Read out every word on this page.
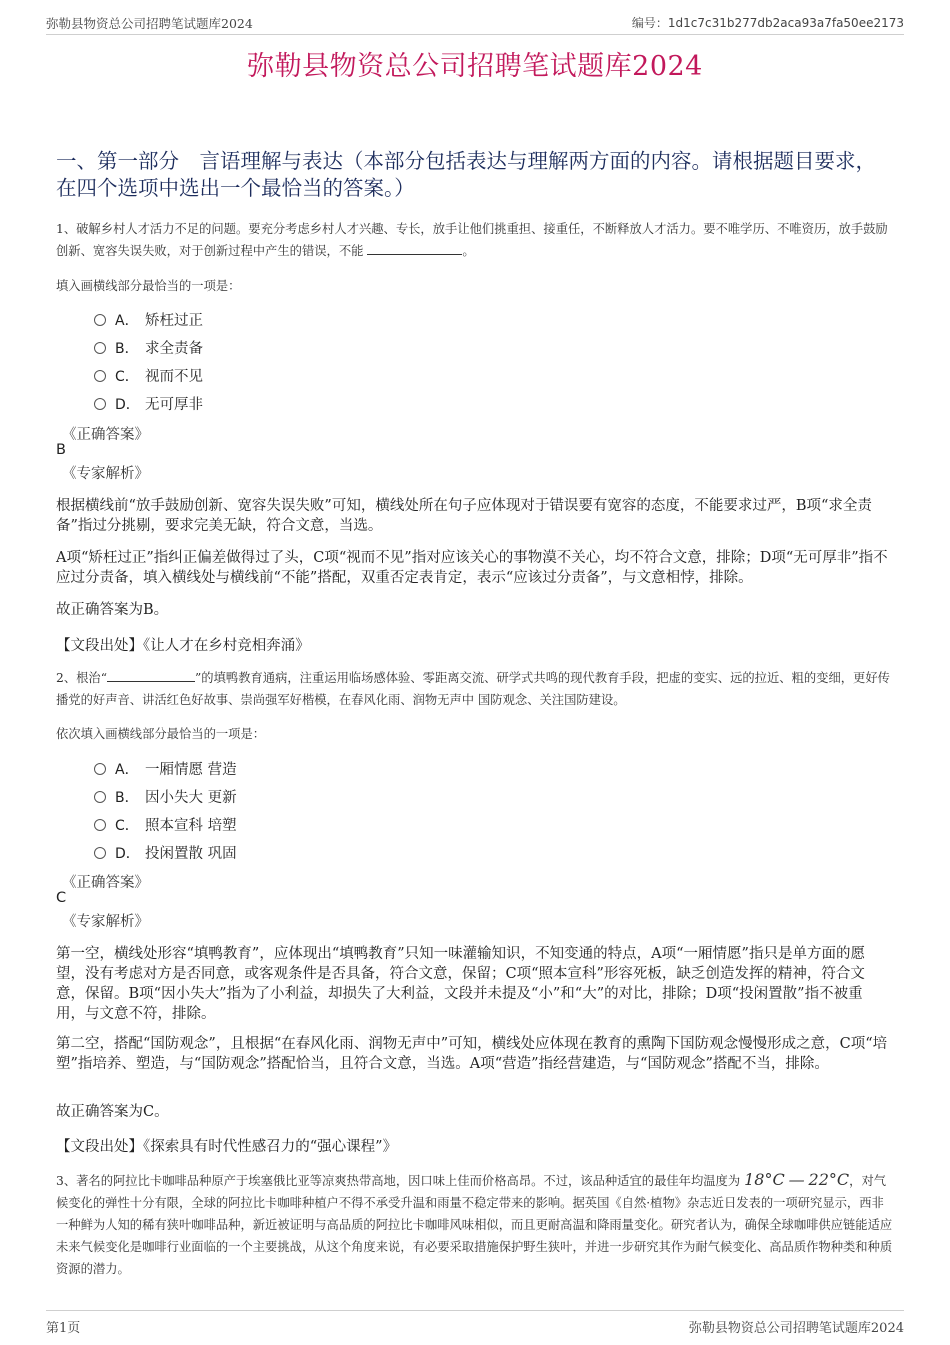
弥勒县物资总公司招聘笔试题库2024	编号：1d1c7c31b277db2aca93a7fa50ee2173
弥勒县物资总公司招聘笔试题库2024
一、第一部分　言语理解与表达（本部分包括表达与理解两方面的内容。请根据题目要求，在四个选项中选出一个最恰当的答案。）
1、破解乡村人才活力不足的问题。要充分考虑乡村人才兴趣、专长，放手让他们挑重担、接重任，不断释放人才活力。要不唯学历、不唯资历，放手鼓励创新、宽容失误失败，对于创新过程中产生的错误，不能	。
填入画横线部分最恰当的一项是：
A． 矫枉过正
B． 求全责备
C． 视而不见
D． 无可厚非
《正确答案》
B
《专家解析》
根据横线前“放手鼓励创新、宽容失误失败”可知，横线处所在句子应体现对于错误要有宽容的态度，不能要求过严，B项“求全责备”指过分挑剔，要求完美无缺，符合文意，当选。
A项“矫枉过正”指纠正偏差做得过了头，C项“视而不见”指对应该关心的事物漠不关心，均不符合文意，排除；D项“无可厚非”指不应过分责备，填入横线处与横线前“不能”搭配，双重否定表肯定，表示“应该过分责备”，与文意相悖，排除。
故正确答案为B。
【文段出处】《让人才在乡村竞相奔涌》
2、根治“	”的填鸭教育通病，注重运用临场感体验、零距离交流、研学式共鸣的现代教育手段，把虚的变实、远的拉近、粗的变细，更好传播党的好声音、讲活红色好故事、崇尚强军好楷模，在春风化雨、润物无声中 国防观念、关注国防建设。
依次填入画横线部分最恰当的一项是：
A． 一厢情愿 营造
B． 因小失大 更新
C． 照本宣科 培塑
D． 投闲置散 巩固
《正确答案》
C
《专家解析》
第一空，横线处形容“填鸭教育”，应体现出“填鸭教育”只知一味灌输知识，不知变通的特点，A项“一厢情愿”指只是单方面的愿望，没有考虑对方是否同意，或客观条件是否具备，符合文意，保留；C项“照本宣科”形容死板，缺乏创造发挥的精神，符合文意，保留。B项“因小失大”指为了小利益，却损失了大利益，文段并未提及“小”和“大”的对比，排除；D项“投闲置散”指不被重用，与文意不符，排除。
第二空，搭配“国防观念”，且根据“在春风化雨、润物无声中”可知，横线处应体现在教育的熏陶下国防观念慢慢形成之意，C项“培塑”指培养、塑造，与“国防观念”搭配恰当，且符合文意，当选。A项“营造”指经营建造，与“国防观念”搭配不当，排除。
故正确答案为C。
【文段出处】《探索具有时代性感召力的“强心课程”》
3、著名的阿拉比卡咖啡品种原产于埃塞俄比亚等凉爽热带高地，因口味上佳而价格高昂。不过，该品种适宜的最佳年均温度为 18°C — 22°C，对气候变化的弹性十分有限，全球的阿拉比卡咖啡种植户不得不承受升温和雨量不稳定带来的影响。据英国《自然·植物》杂志近日发表的一项研究显示，西非一种鲜为人知的稀有狭叶咖啡品种，新近被证明与高品质的阿拉比卡咖啡风味相似，而且更耐高温和降雨量变化。研究者认为，确保全球咖啡供应链能适应未来气候变化是咖啡行业面临的一个主要挑战，从这个角度来说，有必要采取措施保护野生狭叶，并进一步研究其作为耐气候变化、高品质作物种类和种质资源的潜力。
第1页	弥勒县物资总公司招聘笔试题库2024
